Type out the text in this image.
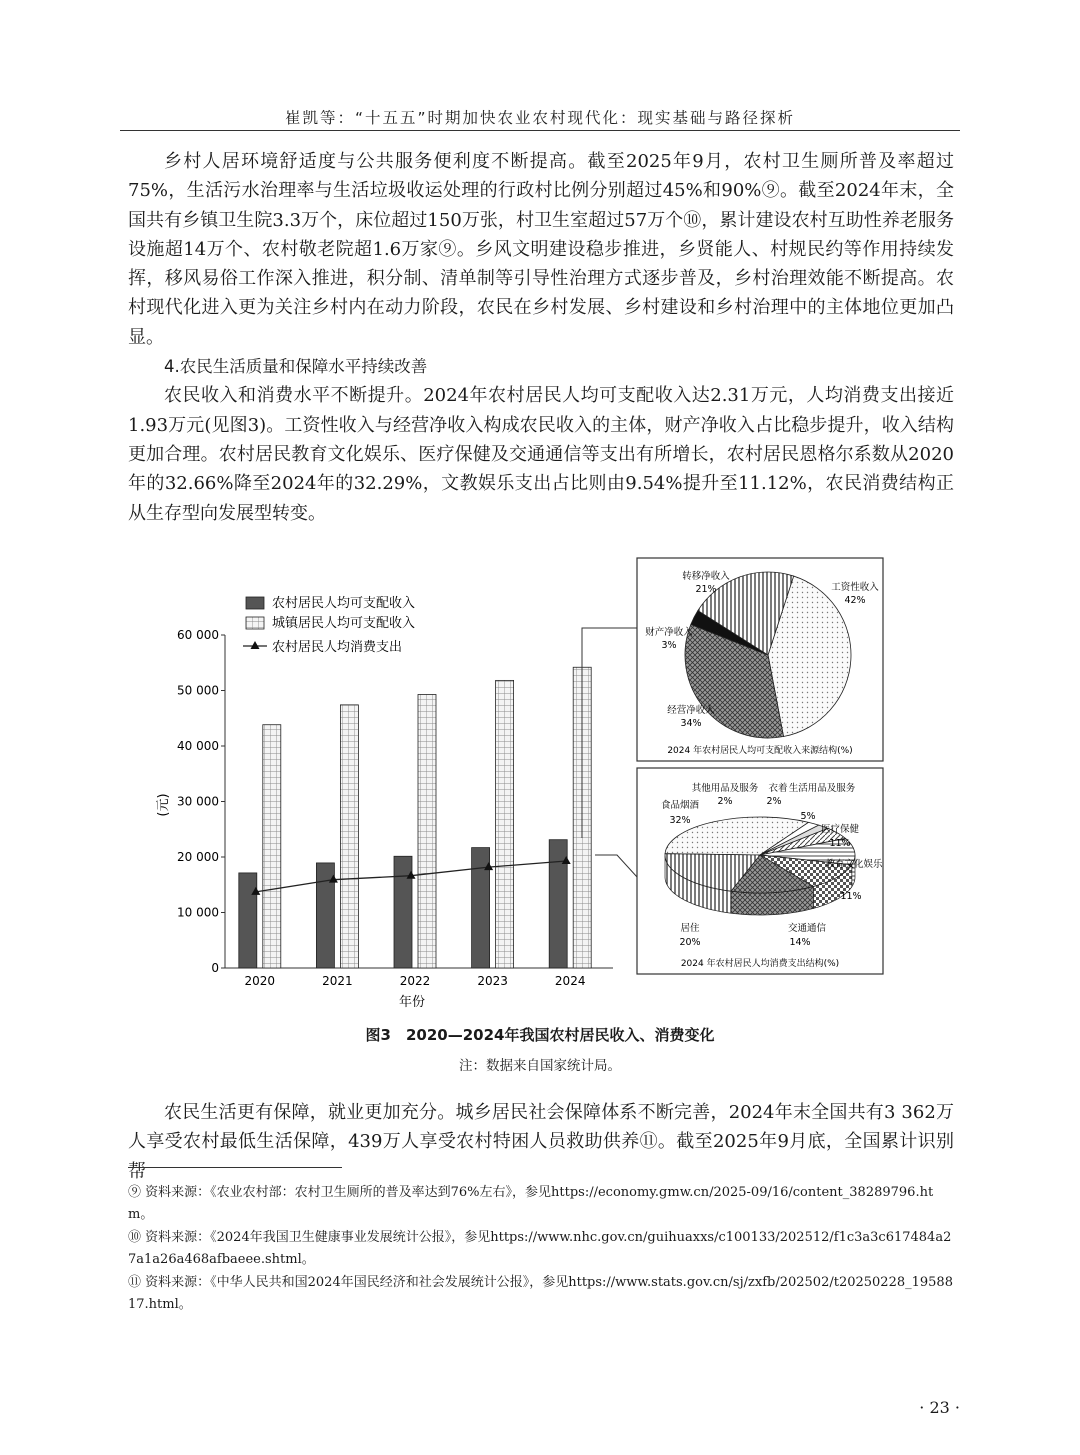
崔凯等：“十五五”时期加快农业农村现代化：现实基础与路径探析

乡村人居环境舒适度与公共服务便利度不断提高。截至2025年9月，农村卫生厕所普及率超过75%，生活污水治理率与生活垃圾收运处理的行政村比例分别超过45%和90%⑨。截至2024年末，全国共有乡镇卫生院3.3万个，床位超过150万张，村卫生室超过57万个⑩，累计建设农村互助性养老服务设施超14万个、农村敬老院超1.6万家⑨。乡风文明建设稳步推进，乡贤能人、村规民约等作用持续发挥，移风易俗工作深入推进，积分制、清单制等引导性治理方式逐步普及，乡村治理效能不断提高。农村现代化进入更为关注乡村内在动力阶段，农民在乡村发展、乡村建设和乡村治理中的主体地位更加凸显。

4.农民生活质量和保障水平持续改善

农民收入和消费水平不断提升。2024年农村居民人均可支配收入达2.31万元，人均消费支出接近1.93万元(见图3)。工资性收入与经营净收入构成农民收入的主体，财产净收入占比稳步提升，收入结构更加合理。农村居民教育文化娱乐、医疗保健及交通通信等支出有所增长，农村居民恩格尔系数从2020年的32.66%降至2024年的32.29%，文教娱乐支出占比则由9.54%提升至11.12%，农民消费结构正从生存型向发展型转变。

0
10 000
20 000
30 000
40 000
50 000
60 000
2020	2021	2022	2023	2024
(元)
年份
农村居民人均可支配收入
城镇居民人均可支配收入
农村居民人均消费支出
工资性收入
42%
经营净收入
34%
财产净收入
3%
转移净收入
21%
2024 年农村居民人均可支配收入来源结构(%)
其他用品及服务
2%
衣着
2%
生活用品及服务
5%
食品烟酒
32%
医疗保健
11%
教育文化娱乐
11%
交通通信
14%
居住
20%
2024 年农村居民人均消费支出结构(%)
图3　2020—2024年我国农村居民收入、消费变化
注：数据来自国家统计局。

农民生活更有保障，就业更加充分。城乡居民社会保障体系不断完善，2024年末全国共有3 362万人享受农村最低生活保障，439万人享受农村特困人员救助供养⑪。截至2025年9月底，全国累计识别帮

⑨ 资料来源：《农业农村部：农村卫生厕所的普及率达到76%左右》，参见https://economy.gmw.cn/2025-09/16/content_38289796.htm。
⑩ 资料来源：《2024年我国卫生健康事业发展统计公报》，参见https://www.nhc.gov.cn/guihuaxxs/c100133/202512/f1c3a3c617484a27a1a26a468afbaeee.shtml。
⑪ 资料来源：《中华人民共和国2024年国民经济和社会发展统计公报》，参见https://www.stats.gov.cn/sj/zxfb/202502/t20250228_1958817.html。
· 23 ·
